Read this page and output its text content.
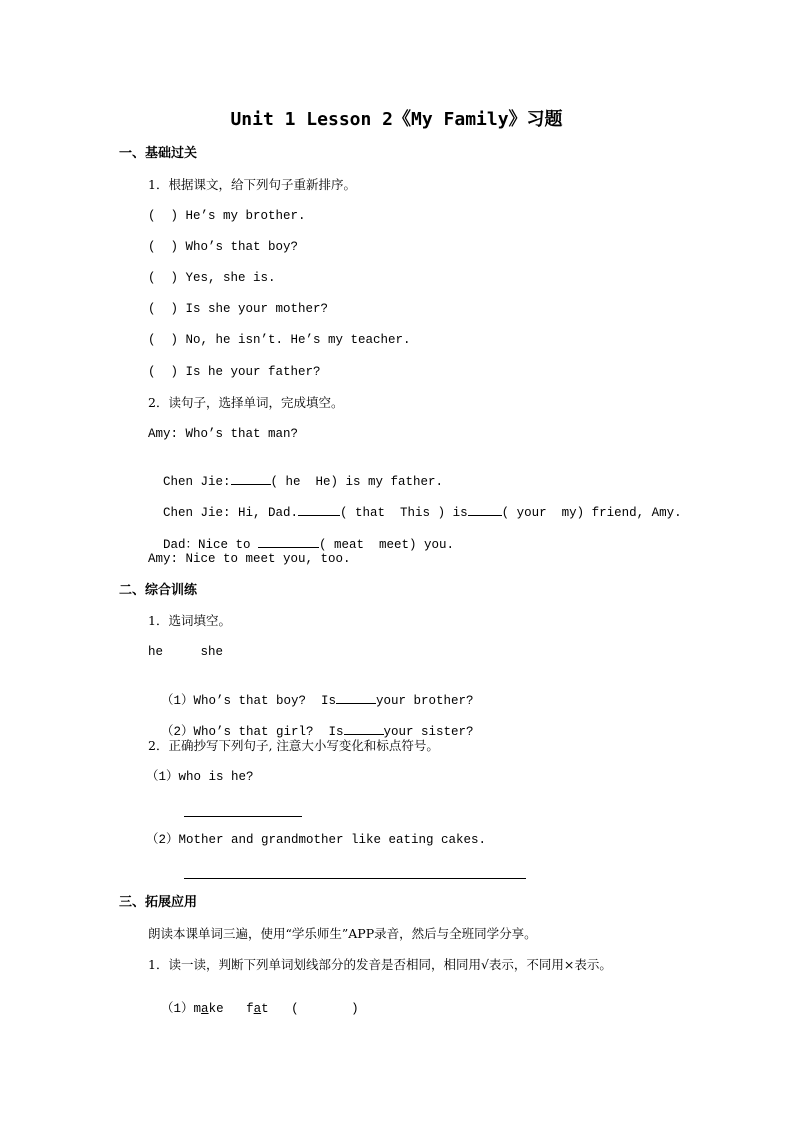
Unit 1 Lesson 2《My Family》习题
一、基础过关
1．根据课文，给下列句子重新排序。
(  ) He’s my brother.
(  ) Who’s that boy?
(  ) Yes, she is.
(  ) Is she your mother?
(  ) No, he isn’t. He’s my teacher.
(  ) Is he your father?
2．读句子，选择单词，完成填空。
Amy: Who’s that man?

Chen Jie:	( he  He) is my father.

Chen Jie: Hi, Dad.	( that  This ) is	( your  my) friend, Amy.

Dad：Nice to	( meat  meet) you.

Amy: Nice to meet you, too.
二、综合训练
1．选词填空。
he     she

（1）Who’s that boy?  Is	your brother?

（2）Who’s that girl?  Is	your sister?

2．正确抄写下列句子, 注意大小写变化和标点符号。
（1）who is he?
（2）Mother and grandmother like eating cakes.
三、拓展应用
朗读本课单词三遍，使用“学乐师生”APP录音，然后与全班同学分享。
1．读一读，判断下列单词划线部分的发音是否相同，相同用√表示，不同用×表示。

（1）make fat (       )
